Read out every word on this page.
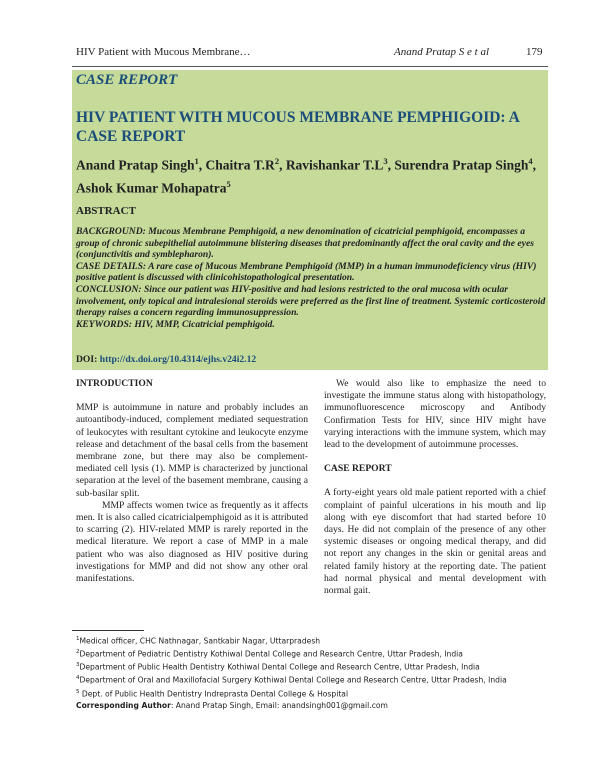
HIV Patient with Mucous Membrane…	Anand Pratap S e t al	179
CASE REPORT
HIV PATIENT WITH MUCOUS MEMBRANE PEMPHIGOID: A CASE REPORT
Anand Pratap Singh$^1$, Chaitra $T.R^2$, Ravishankar $T.L^3$, Surendra Pratap Singh$^4$, Ashok Kumar Mohapatra$^5$
ABSTRACT

BACKGROUND: Mucous Membrane Pemphigoid, a new denomination of cicatricial pemphigoid, encompasses a group of chronic subepithelial autoimmune blistering diseases that predominantly affect the oral cavity and the eyes (conjunctivitis and symblepharon).

CASE DETAILS: A rare case of Mucous Membrane Pemphigoid (MMP) in a human immunodeficiency virus (HIV) positive patient is discussed with clinicohistopathological presentation.

CONCLUSION: Since our patient was HIV-positive and had lesions restricted to the oral mucosa with ocular involvement, only topical and intralesional steroids were preferred as the first line of treatment. Systemic corticosteroid therapy raises a concern regarding immunosuppression.

KEYWORDS: HIV, MMP, Cicatricial pemphigoid.

DOI: http://dx.doi.org/10.4314/ejhs.v24i2.12

INTRODUCTION

MMP is autoimmune in nature and probably includes an autoantibody-induced, complement mediated sequestration of leukocytes with resultant cytokine and leukocyte enzyme release and detachment of the basal cells from the basement membrane zone, but there may also be complement-mediated cell lysis (1). MMP is characterized by junctional separation at the level of the basement membrane, causing a sub-basilar split.

MMP affects women twice as frequently as it affects men. It is also called cicatricialpemphigoid as it is attributed to scarring (2). HIV-related MMP is rarely reported in the medical literature. We report a case of MMP in a male patient who was also diagnosed as HIV positive during investigations for MMP and did not show any other oral manifestations.

We would also like to emphasize the need to investigate the immune status along with histopathology, immunofluorescence microscopy and Antibody Confirmation Tests for HIV, since HIV might have varying interactions with the immune system, which may lead to the development of autoimmune processes.

CASE REPORT

A forty-eight years old male patient reported with a chief complaint of painful ulcerations in his mouth and lip along with eye discomfort that had started before 10 days. He did not complain of the presence of any other systemic diseases or ongoing medical therapy, and did not report any changes in the skin or genital areas and related family history at the reporting date. The patient had normal physical and mental development with normal gait.

$^1$Medical officer, CHC Nathnagar, Santkabir Nagar, Uttarpradesh
$^2$Department of Pediatric Dentistry Kothiwal Dental College and Research Centre, Uttar Pradesh, India
$^3$Department of Public Health Dentistry Kothiwal Dental College and Research Centre, Uttar Pradesh, India
$^4$Department of Oral and Maxillofacial Surgery Kothiwal Dental College and Research Centre, Uttar Pradesh, India
$^5$ Dept. of Public Health Dentistry Indreprasta Dental College & Hospital
Corresponding Author: Anand Pratap Singh, Email: anandsingh001@gmail.com
